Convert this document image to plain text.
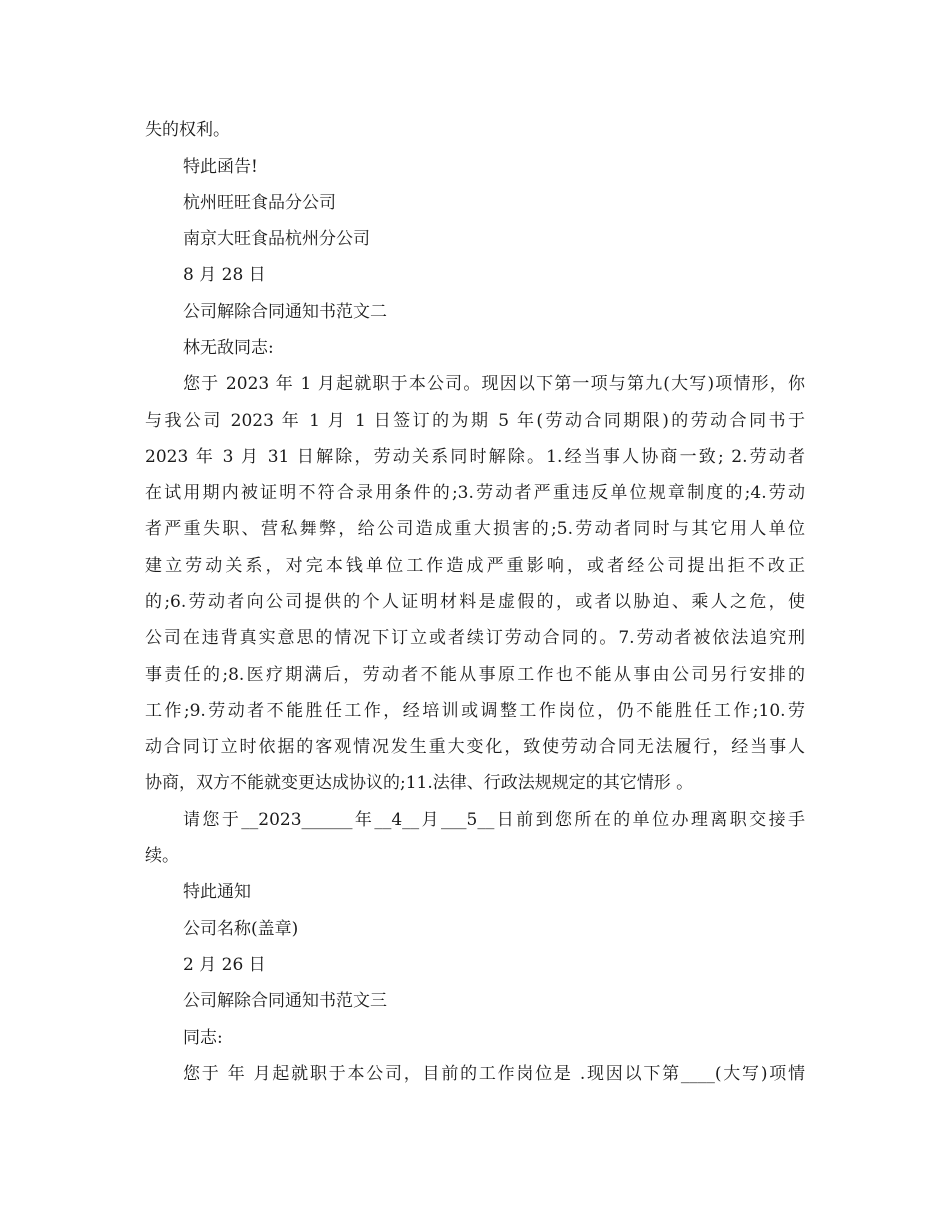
失的权利。
特此函告!
杭州旺旺食品分公司
南京大旺食品杭州分公司
8 月 28 日
公司解除合同通知书范文二
林无敌同志:
您于 2023 年 1 月起就职于本公司。现因以下第一项与第九(大写)项情形，你
与我公司 2023 年 1 月 1 日签订的为期 5 年(劳动合同期限)的劳动合同书于
2023 年 3 月 31 日解除，劳动关系同时解除。1.经当事人协商一致; 2.劳动者
在试用期内被证明不符合录用条件的;3.劳动者严重违反单位规章制度的;4.劳动
者严重失职、营私舞弊，给公司造成重大损害的;5.劳动者同时与其它用人单位
建立劳动关系，对完本钱单位工作造成严重影响，或者经公司提出拒不改正
的;6.劳动者向公司提供的个人证明材料是虚假的，或者以胁迫、乘人之危，使
公司在违背真实意思的情况下订立或者续订劳动合同的。7.劳动者被依法追究刑
事责任的;8.医疗期满后，劳动者不能从事原工作也不能从事由公司另行安排的
工作;9.劳动者不能胜任工作，经培训或调整工作岗位，仍不能胜任工作;10.劳
动合同订立时依据的客观情况发生重大变化，致使劳动合同无法履行，经当事人
协商，双方不能就变更达成协议的;11.法律、行政法规规定的其它情形 。
请您于__2023______年__4__月___5__日前到您所在的单位办理离职交接手
续。
特此通知
公司名称(盖章)
2 月 26 日
公司解除合同通知书范文三
同志:
您于 年 月起就职于本公司，目前的工作岗位是 .现因以下第____(大写)项情
